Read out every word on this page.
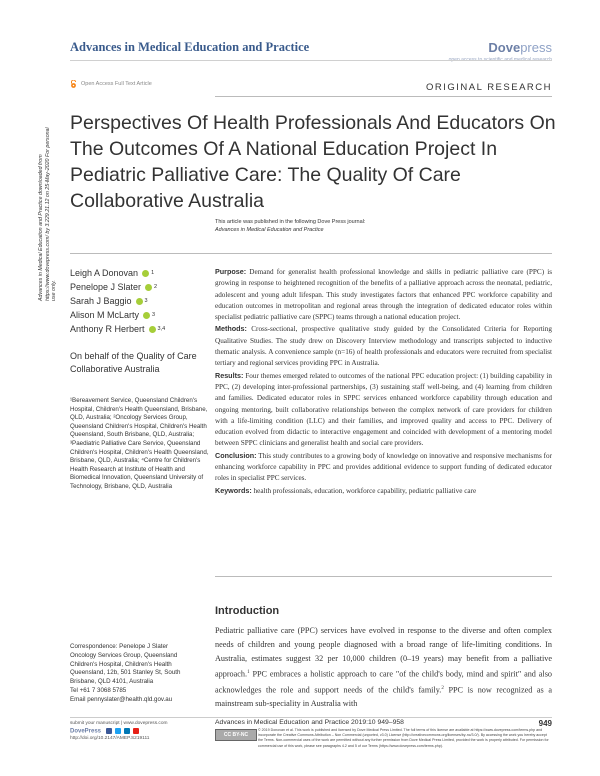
Advances in Medical Education and Practice	Dovepress
Open Access Full Text Article	ORIGINAL RESEARCH
Perspectives Of Health Professionals And Educators On The Outcomes Of A National Education Project In Pediatric Palliative Care: The Quality Of Care Collaborative Australia
This article was published in the following Dove Press journal:
Advances in Medical Education and Practice
Advances in Medical Education and Practice downloaded from https://www.dovepress.com/ by 3.229.21.12 on 25-May-2020 For personal use only.
Leigh A Donovan 1
Penelope J Slater 2
Sarah J Baggio 3
Alison M McLarty 3
Anthony R Herbert 3,4
On behalf of the Quality of Care Collaborative Australia
¹Bereavement Service, Queensland Children's Hospital, Children's Health Queensland, Brisbane, QLD, Australia; ²Oncology Services Group, Queensland Children's Hospital, Children's Health Queensland, South Brisbane, QLD, Australia; ³Paediatric Palliative Care Service, Queensland Children's Hospital, Children's Health Queensland, Brisbane, QLD, Australia; ⁴Centre for Children's Health Research at Institute of Health and Biomedical Innovation, Queensland University of Technology, Brisbane, QLD, Australia
Correspondence: Penelope J Slater
Oncology Services Group, Queensland
Children's Hospital, Children's Health
Queensland, 12b, 501 Stanley St, South
Brisbane, QLD 4101, Australia
Tel +61 7 3068 5785
Email pennyslater@health.qld.gov.au

Purpose: Demand for generalist health professional knowledge and skills in pediatric palliative care (PPC) is growing in response to heightened recognition of the benefits of a palliative approach across the neonatal, pediatric, adolescent and young adult lifespan. This study investigates factors that enhanced PPC workforce capability and education outcomes in metropolitan and regional areas through the integration of dedicated educator roles within specialist pediatric palliative care (SPPC) teams through a national education project.

Methods: Cross-sectional, prospective qualitative study guided by the Consolidated Criteria for Reporting Qualitative Studies. The study drew on Discovery Interview methodology and transcripts subjected to inductive thematic analysis. A convenience sample (n=16) of health professionals and educators were recruited from specialist tertiary and regional services providing PPC in Australia.

Results: Four themes emerged related to outcomes of the national PPC education project: (1) building capability in PPC, (2) developing inter-professional partnerships, (3) sustaining staff well-being, and (4) learning from children and families. Dedicated educator roles in SPPC services enhanced workforce capability through education and ongoing mentoring, built collaborative relationships between the complex network of care providers for children with a life-limiting condition (LLC) and their families, and improved quality and access to PPC. Delivery of education evolved from didactic to interactive engagement and coincided with development of a mentoring model between SPPC clinicians and generalist health and social care providers.

Conclusion: This study contributes to a growing body of knowledge on innovative and responsive mechanisms for enhancing workforce capability in PPC and provides additional evidence to support funding of dedicated educator roles in specialist PPC services.

Keywords: health professionals, education, workforce capability, pediatric palliative care

Introduction

Pediatric palliative care (PPC) services have evolved in response to the diverse and often complex needs of children and young people diagnosed with a broad range of life-limiting conditions. In Australia, estimates suggest 32 per 10,000 children (0–19 years) may benefit from a palliative approach.$^1$ PPC embraces a holistic approach to care "of the child's body, mind and spirit" and also acknowledges the role and support needs of the child's family.$^2$ PPC is now recognized as a mainstream sub-speciality in Australia with

submit your manuscript | www.dovepress.com
DovePress
http://doi.org/10.2147/AMEP.S219111
Advances in Medical Education and Practice 2019:10 949–958	949
CC BY-NC
© 2019 Donovan et al. This work is published and licensed by Dove Medical Press Limited. The full terms of this license are available at https://www.dovepress.com/terms.php and incorporate the Creative Commons Attribution – Non Commercial (unported, v3.0) License (http://creativecommons.org/licenses/by-nc/3.0/). By accessing the work you hereby accept the Terms. Non-commercial uses of the work are permitted without any further permission from Dove Medical Press Limited, provided the work is properly attributed. For permission for commercial use of this work, please see paragraphs 4.2 and 5 of our Terms (https://www.dovepress.com/terms.php).
